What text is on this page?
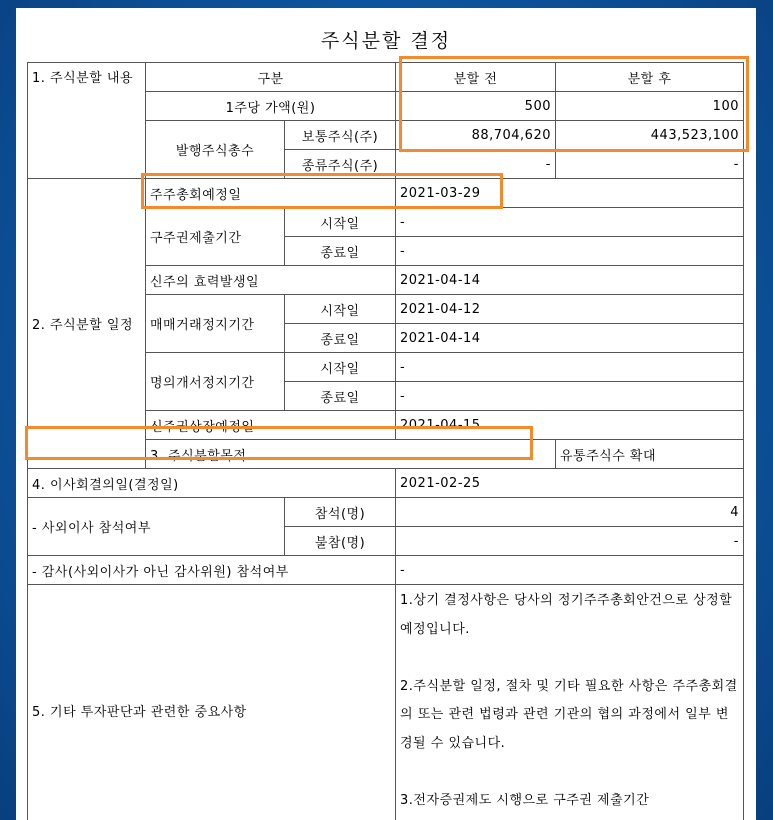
주식분할 결정
1. 주식분할 내용	구분		분할 전	분할 후
	1주당 가액(원)		500	100
	발행주식총수	보통주식(주)	88,704,620	443,523,100
		종류주식(주)	-	-
2. 주식분할 일정	주주총회예정일		2021-03-29	
	구주권제출기간	시작일	-	
		종료일	-	
	신주의 효력발생일		2021-04-14	
	매매거래정지기간	시작일	2021-04-12	
		종료일	2021-04-14	
	명의개서정지기간	시작일	-	
		종료일	-	
	신주권상장예정일		2021-04-15	
	3. 주식분할목적			유통주식수 확대
4. 이사회결의일(결정일)			2021-02-25	
- 사외이사 참석여부		참석(명)	4	
		불참(명)	-	
- 감사(사외이사가 아닌 감사위원) 참석여부			-	
5. 기타 투자판단과 관련한 중요사항			1.상기 결정사항은 당사의 정기주주총회안건으로 상정할 예정입니다.

2.주식분할 일정, 절차 및 기타 필요한 사항은 주주총회결의 또는 관련 법령과 관련 기관의 협의 과정에서 일부 변경될 수 있습니다.

3.전자증권제도 시행으로 구주권 제출기간	
